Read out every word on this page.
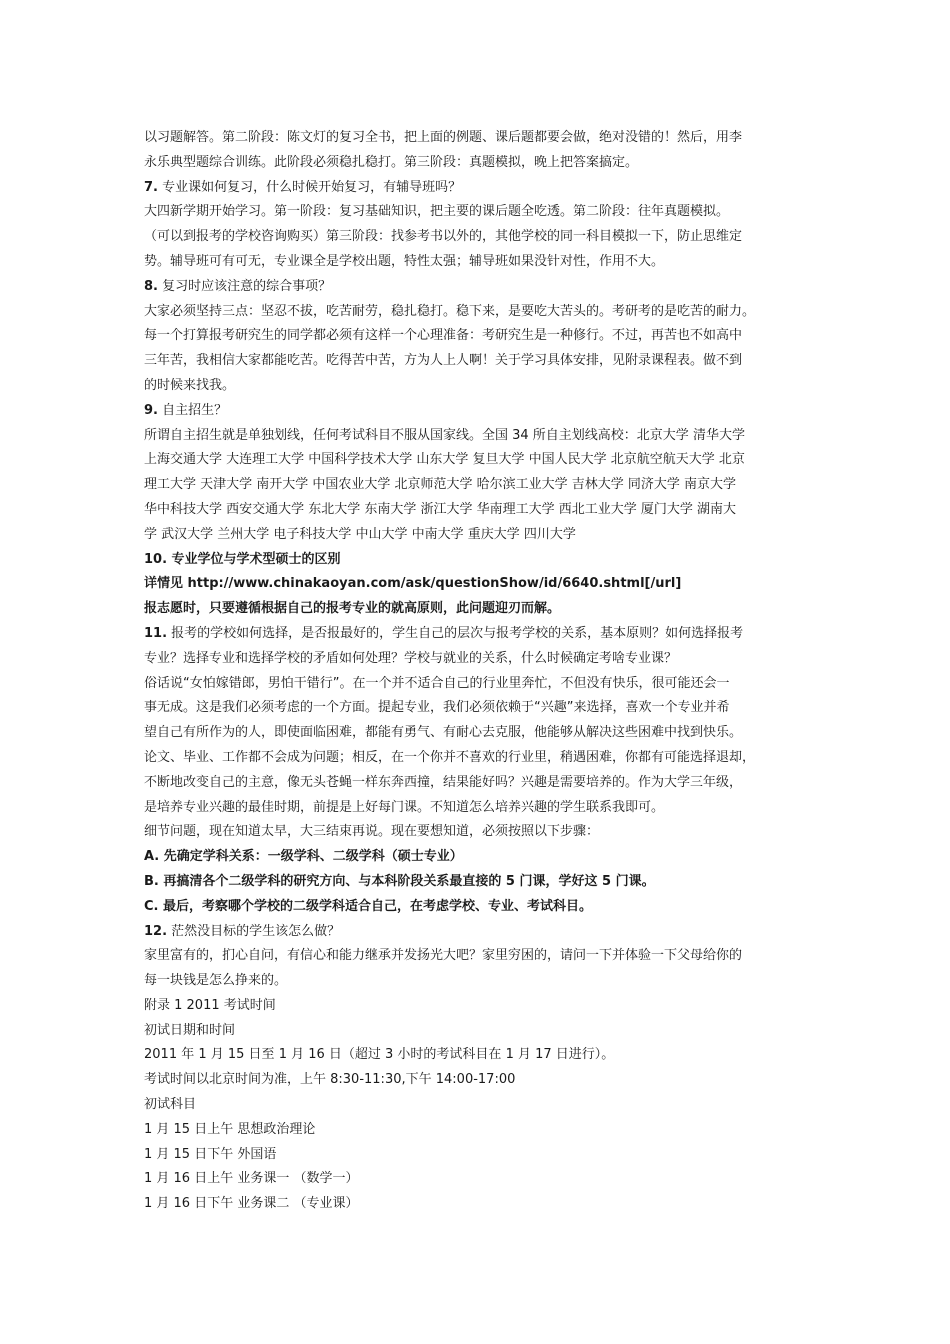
以习题解答。第二阶段：陈文灯的复习全书，把上面的例题、课后题都要会做，绝对没错的！然后，用李
永乐典型题综合训练。此阶段必须稳扎稳打。第三阶段：真题模拟，晚上把答案搞定。
7. 专业课如何复习，什么时候开始复习，有辅导班吗？
大四新学期开始学习。第一阶段：复习基础知识，把主要的课后题全吃透。第二阶段：往年真题模拟。
（可以到报考的学校咨询购买）第三阶段：找参考书以外的，其他学校的同一科目模拟一下，防止思维定
势。辅导班可有可无，专业课全是学校出题，特性太强；辅导班如果没针对性，作用不大。
8. 复习时应该注意的综合事项？
大家必须坚持三点：坚忍不拔，吃苦耐劳，稳扎稳打。稳下来，是要吃大苦头的。考研考的是吃苦的耐力。
每一个打算报考研究生的同学都必须有这样一个心理准备：考研究生是一种修行。不过，再苦也不如高中
三年苦，我相信大家都能吃苦。吃得苦中苦，方为人上人啊！关于学习具体安排，见附录课程表。做不到
的时候来找我。
9. 自主招生？
所谓自主招生就是单独划线，任何考试科目不服从国家线。全国 34 所自主划线高校：北京大学 清华大学
上海交通大学 大连理工大学 中国科学技术大学 山东大学 复旦大学 中国人民大学 北京航空航天大学 北京
理工大学 天津大学 南开大学 中国农业大学 北京师范大学 哈尔滨工业大学 吉林大学 同济大学 南京大学
华中科技大学 西安交通大学 东北大学 东南大学 浙江大学 华南理工大学 西北工业大学 厦门大学 湖南大
学 武汉大学 兰州大学 电子科技大学 中山大学 中南大学 重庆大学 四川大学
10. 专业学位与学术型硕士的区别
详情见 http://www.chinakaoyan.com/ask/questionShow/id/6640.shtml[/url]
报志愿时，只要遵循根据自己的报考专业的就高原则，此问题迎刃而解。
11. 报考的学校如何选择，是否报最好的，学生自己的层次与报考学校的关系，基本原则？如何选择报考
专业？选择专业和选择学校的矛盾如何处理？学校与就业的关系，什么时候确定考啥专业课？
俗话说“女怕嫁错郎，男怕干错行”。在一个并不适合自己的行业里奔忙，不但没有快乐，很可能还会一
事无成。这是我们必须考虑的一个方面。提起专业，我们必须依赖于“兴趣”来选择，喜欢一个专业并希
望自己有所作为的人，即使面临困难，都能有勇气、有耐心去克服，他能够从解决这些困难中找到快乐。
论文、毕业、工作都不会成为问题；相反，在一个你并不喜欢的行业里，稍遇困难，你都有可能选择退却，
不断地改变自己的主意，像无头苍蝇一样东奔西撞，结果能好吗？兴趣是需要培养的。作为大学三年级，
是培养专业兴趣的最佳时期，前提是上好每门课。不知道怎么培养兴趣的学生联系我即可。
细节问题，现在知道太早，大三结束再说。现在要想知道，必须按照以下步骤：
A. 先确定学科关系：一级学科、二级学科（硕士专业）
B. 再搞清各个二级学科的研究方向、与本科阶段关系最直接的 5 门课，学好这 5 门课。
C. 最后，考察哪个学校的二级学科适合自己，在考虑学校、专业、考试科目。
12. 茫然没目标的学生该怎么做？
家里富有的，扪心自问，有信心和能力继承并发扬光大吧？家里穷困的，请问一下并体验一下父母给你的
每一块钱是怎么挣来的。
附录 1 2011 考试时间
初试日期和时间
2011 年 1 月 15 日至 1 月 16 日（超过 3 小时的考试科目在 1 月 17 日进行）。
考试时间以北京时间为准，上午 8:30-11:30,下午 14:00-17:00
初试科目
1 月 15 日上午 思想政治理论
1 月 15 日下午 外国语
1 月 16 日上午 业务课一 （数学一）
1 月 16 日下午 业务课二 （专业课）
